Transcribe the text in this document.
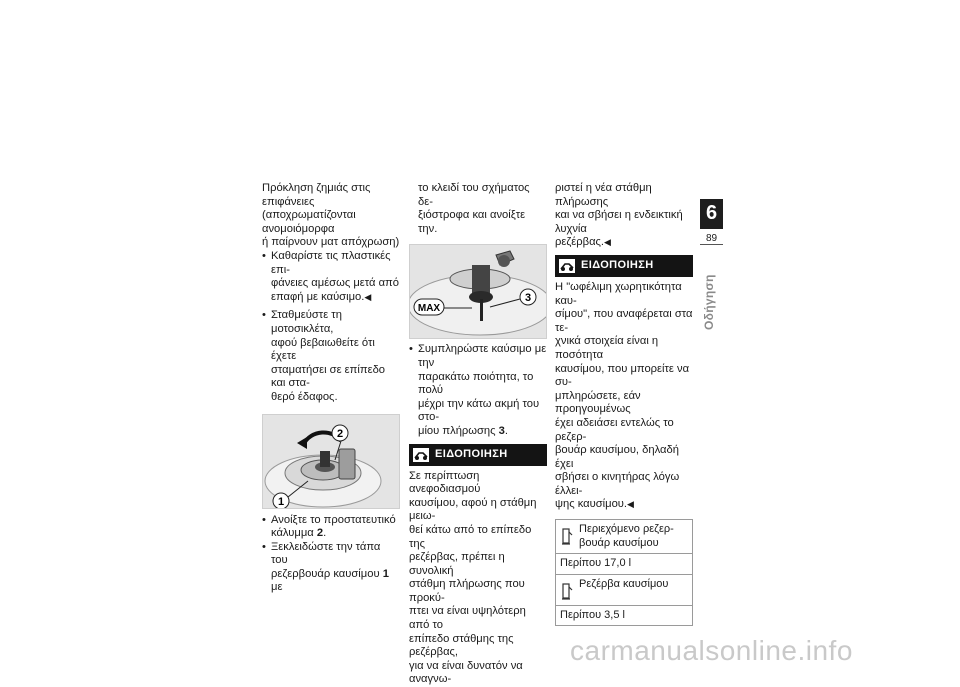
Πρόκληση ζημιάς στις επιφάνειες
(αποχρωματίζονται ανομοιόμορφα
ή παίρνουν ματ απόχρωση)

• Καθαρίστε τις πλαστικές επι-
φάνειες αμέσως μετά από
επαφή με καύσιμο.◀

• Σταθμεύστε τη μοτοσικλέτα,
αφού βεβαιωθείτε ότι έχετε
σταματήσει σε επίπεδο και στα-
θερό έδαφος.

2
1

• Ανοίξτε το προστατευτικό
κάλυμμα 2.

• Ξεκλειδώστε την τάπα του
ρεζερβουάρ καυσίμου 1 με

το κλειδί του σχήματος δε-
ξιόστροφα και ανοίξτε την.

MAX
3

• Συμπληρώστε καύσιμο με την
παρακάτω ποιότητα, το πολύ
μέχρι την κάτω ακμή του στο-
μίου πλήρωσης 3.

ΕΙΔΟΠΟΙΗΣΗ

Σε περίπτωση ανεφοδιασμού
καυσίμου, αφού η στάθμη μειω-
θεί κάτω από το επίπεδο της
ρεζέρβας, πρέπει η συνολική
στάθμη πλήρωσης που προκύ-
πτει να είναι υψηλότερη από το
επίπεδο στάθμης της ρεζέρβας,
για να είναι δυνατόν να αναγνω-

ριστεί η νέα στάθμη πλήρωσης
και να σβήσει η ενδεικτική λυχνία
ρεζέρβας.◀

ΕΙΔΟΠΟΙΗΣΗ

Η "ωφέλιμη χωρητικότητα καυ-
σίμου", που αναφέρεται στα τε-
χνικά στοιχεία είναι η ποσότητα
καυσίμου, που μπορείτε να συ-
μπληρώσετε, εάν προηγουμένως
έχει αδειάσει εντελώς το ρεζερ-
βουάρ καυσίμου, δηλαδή έχει
σβήσει ο κινητήρας λόγω έλλει-
ψης καυσίμου.◀

Περιεχόμενο ρεζερ-
βουάρ καυσίμου

Περίπου 17,0 l

Ρεζέρβα καυσίμου

Περίπου 3,5 l
6
89
Οδήγηση
carmanualsonline.info
